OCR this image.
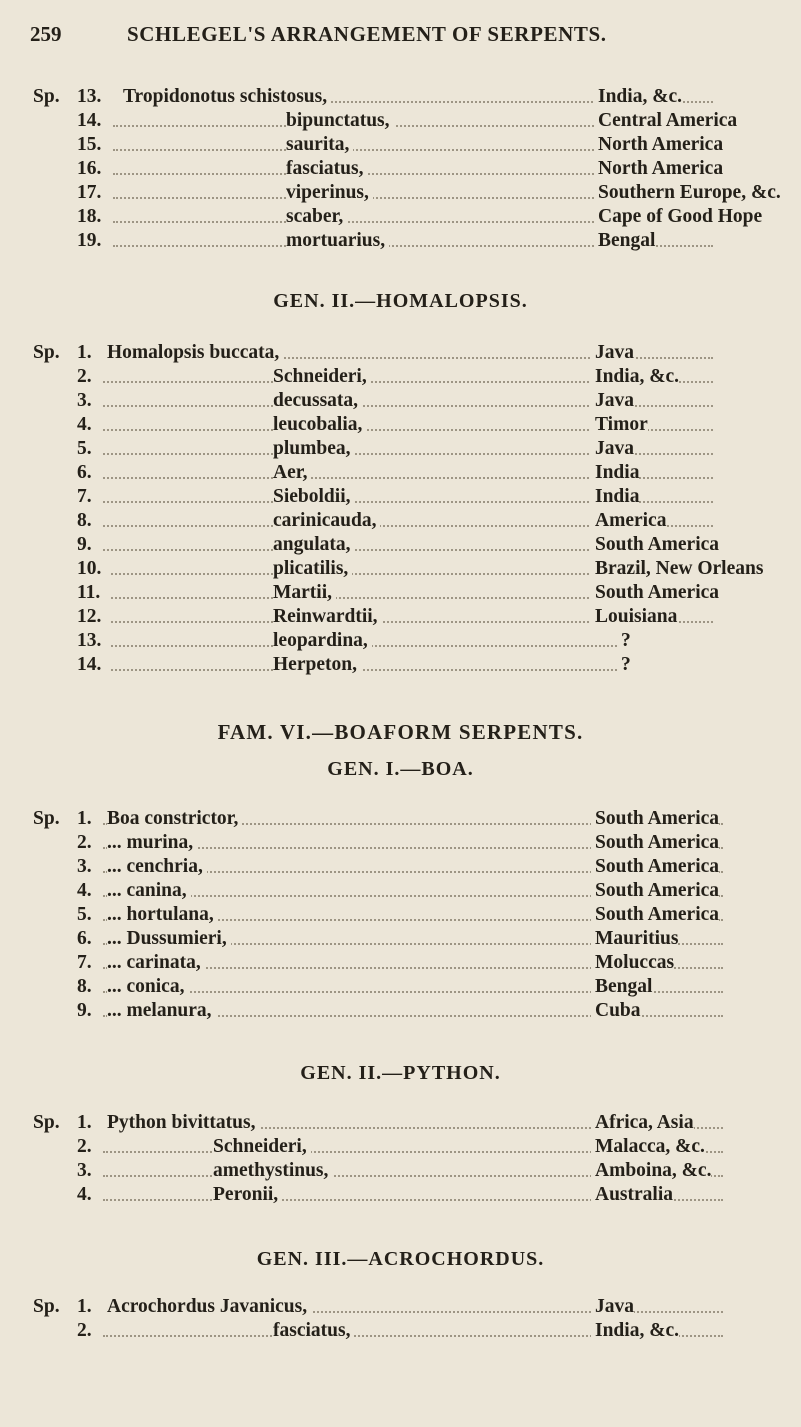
259	SCHLEGEL'S ARRANGEMENT OF SERPENTS.
Sp. 13. Tropidonotus schistosus,	India, &c.
14.	bipunctatus,	Central America
15.	saurita,	North America
16.	fasciatus,	North America
17.	viperinus,	Southern Europe, &c.
18.	scaber,	Cape of Good Hope
19.	mortuarius,	Bengal
GEN. II.—HOMALOPSIS.
Sp. 1. Homalopsis buccata,	Java
2.	Schneideri,	India, &c.
3.	decussata,	Java
4.	leucobalia,	Timor
5.	plumbea,	Java
6.	Aer,	India
7.	Sieboldii,	India
8.	carinicauda,	America
9.	angulata,	South America
10.	plicatilis,	Brazil, New Orleans
11.	Martii,	South America
12.	Reinwardtii,	Louisiana
13.	leopardina,	?
14.	Herpeton,	?
FAM. VI.—BOAFORM SERPENTS.
GEN. I.—BOA.
Sp. 1. Boa constrictor,	South America
2. ... murina,	South America
3. ... cenchria,	South America
4. ... canina,	South America
5. ... hortulana,	South America
6. ... Dussumieri,	Mauritius
7. ... carinata,	Moluccas
8. ... conica,	Bengal
9. ... melanura,	Cuba
GEN. II.—PYTHON.
Sp. 1. Python bivittatus,	Africa, Asia
2.	Schneideri,	Malacca, &c.
3.	amethystinus,	Amboina, &c.
4.	Peronii,	Australia
GEN. III.—ACROCHORDUS.
Sp. 1. Acrochordus Javanicus,	Java
2.	fasciatus,	India, &c.
